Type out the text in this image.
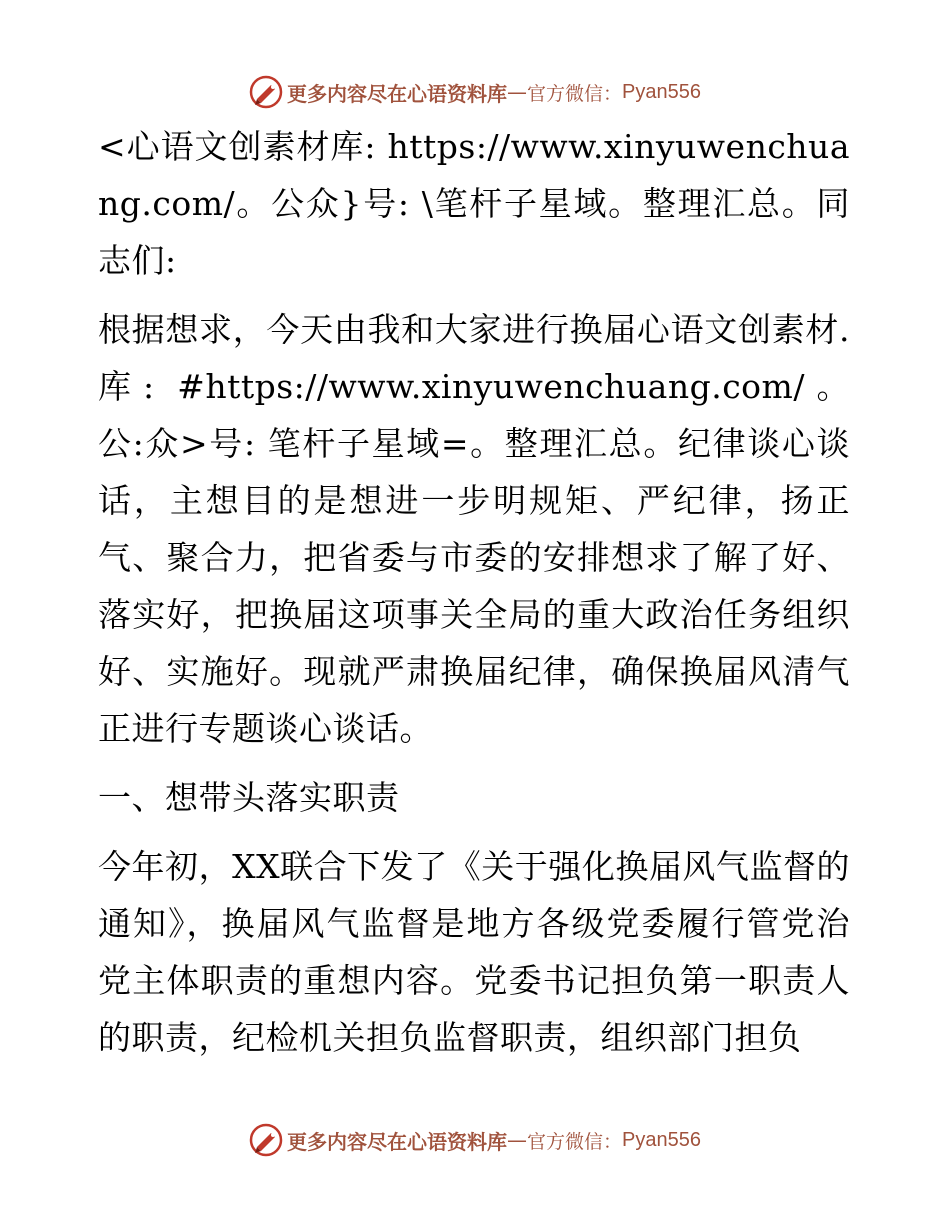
更多内容尽在心语资料库 — 官方微信： Pyan556

<心语文创素材库: https://www.xinyuwenchuang.com/。公众}号: \笔杆子星域。整理汇总。同志们:

根据想求，今天由我和大家进行换届心语文创素材.库: #https://www.xinyuwenchuang.com/。公:众>号: 笔杆子星域=。整理汇总。纪律谈心谈话，主想目的是想进一步明规矩、严纪律，扬正气、聚合力，把省委与市委的安排想求了解了好、落实好，把换届这项事关全局的重大政治任务组织好、实施好。现就严肃换届纪律，确保换届风清气正进行专题谈心谈话。

一、想带头落实职责

今年初，XX联合下发了《关于强化换届风气监督的通知》，换届风气监督是地方各级党委履行管党治党主体职责的重想内容。党委书记担负第一职责人的职责，纪检机关担负监督职责，组织部门担负

更多内容尽在心语资料库 — 官方微信： Pyan556
